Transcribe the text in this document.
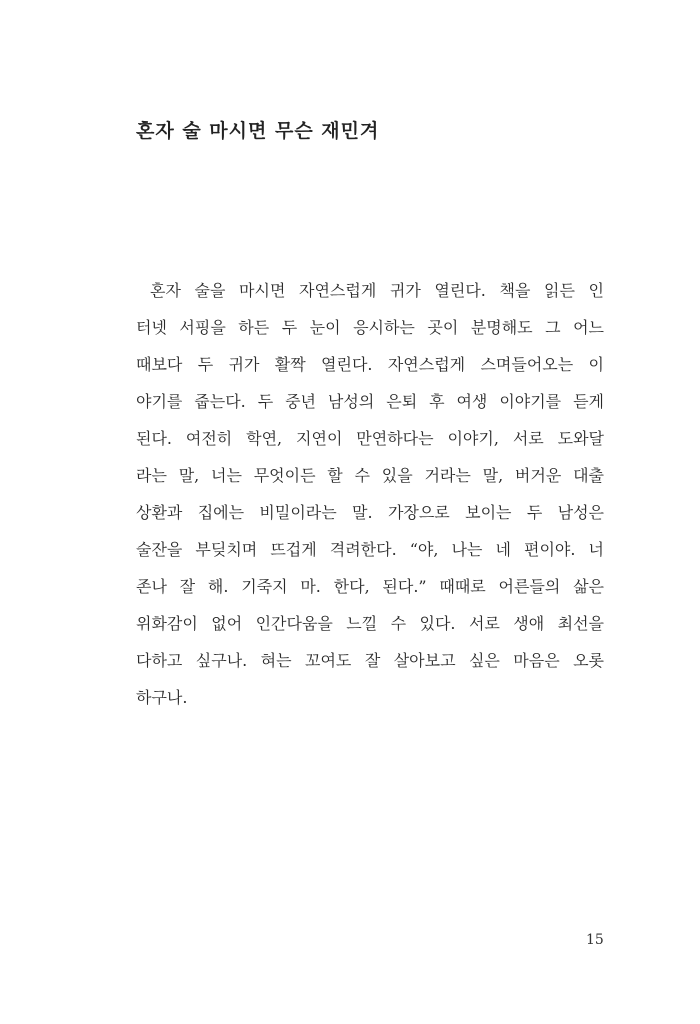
혼자 술 마시면 무슨 재민겨
혼자 술을 마시면 자연스럽게 귀가 열린다. 책을 읽든 인
터넷 서핑을 하든 두 눈이 응시하는 곳이 분명해도 그 어느
때보다 두 귀가 활짝 열린다. 자연스럽게 스며들어오는 이
야기를 줍는다. 두 중년 남성의 은퇴 후 여생 이야기를 듣게
된다. 여전히 학연, 지연이 만연하다는 이야기, 서로 도와달
라는 말, 너는 무엇이든 할 수 있을 거라는 말, 버거운 대출
상환과 집에는 비밀이라는 말. 가장으로 보이는 두 남성은
술잔을 부딪치며 뜨겁게 격려한다. “야, 나는 네 편이야. 너
존나 잘 해. 기죽지 마. 한다, 된다.” 때때로 어른들의 삶은
위화감이 없어 인간다움을 느낄 수 있다. 서로 생애 최선을
다하고 싶구나. 혀는 꼬여도 잘 살아보고 싶은 마음은 오롯
하구나.
15
